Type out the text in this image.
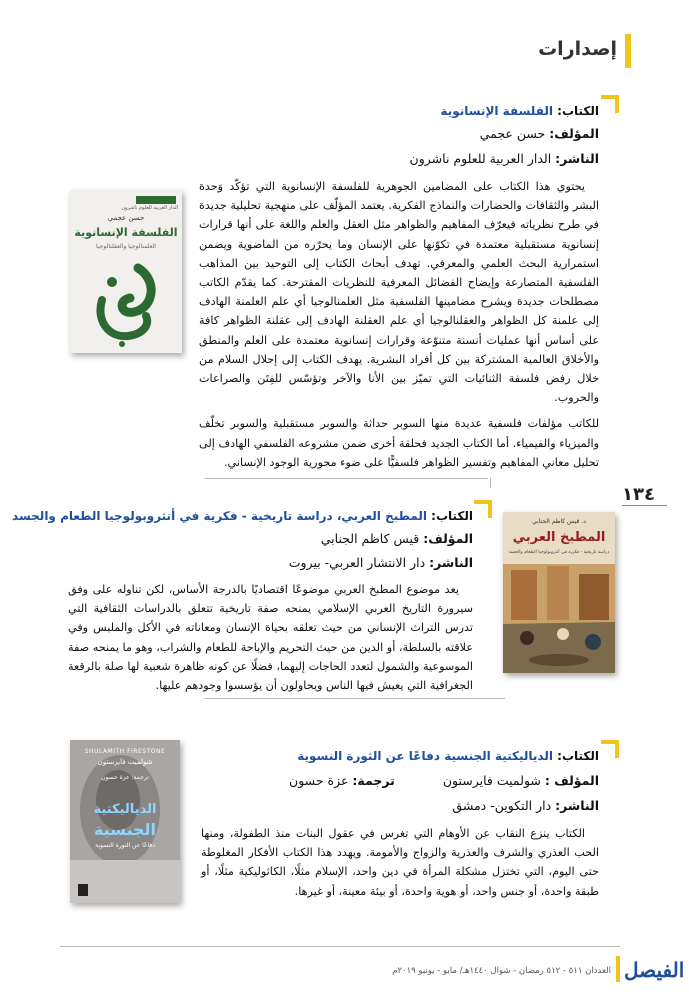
إصدارات
الكتاب: الفلسفة الإنسانوية
المؤلف: حسن عجمي
الناشر: الدار العربية للعلوم ناشرون

يحتوي هذا الكتاب على المضامين الجوهرية للفلسفة الإنسانوية التي تؤكّد وَحدة البشر والثقافات والحضارات والنماذج الفكرية. يعتمد المؤلّف على منهجية تحليلية جديدة في طرح نظرياته فيعرّف المفاهيم والظواهر مثل العقل والعلم واللغة على أنها قرارات إنسانوية مستقبلية معتمدة في تكوّنها على الإنسان وما يحرّره من الماضوية ويضمن استمرارية البحث العلمي والمعرفي. تهدف أبحاث الكتاب إلى التوحيد بين المذاهب الفلسفية المتصارعة وإيضاح الفضائل المعرفية للنظريات المقترحة. كما يقدّم الكاتب مصطلحات جديدة ويشرح مضامينها الفلسفية مثل العلمنالوجيا أي علم العلمنة الهادف إلى علمنة كل الظواهر والعقلنالوجيا أي علم العقلنة الهادف إلى عقلنة الظواهر كافة على أساس أنها عمليات أنسنة متنوّعة وقرارات إنسانوية معتمدة على العلم والمنطق والأخلاق العالمية المشتركة بين كل أفراد البشرية. يهدف الكتاب إلى إحلال السلام من خلال رفض فلسفة الثنائيات التي تميّز بين الأنا والآخر وتؤسّس للفِتَن والصراعات والحروب.

للكاتب مؤلفات فلسفية عديدة منها السوبر حداثة والسوبر مستقبلية والسوبر تخلّف والميزياء والفيمياء. أما الكتاب الجديد فحلقة أخرى ضمن مشروعه الفلسفي الهادف إلى تحليل معاني المفاهيم وتفسير الظواهر فلسفيًّا على ضوء محورية الوجود الإنساني.

الدار العربية للعلوم ناشرون
حسن عجمي
الفلسفة الإنسانوية
العلمنالوجيا والعقلنالوجيا
١٣٤
الكتاب: المطبخ العربي، دراسة تاريخية - فكرية في أنثروبولوجيا الطعام والجسد
المؤلف: قيس كاظم الجنابي
الناشر: دار الانتشار العربي- بيروت

يعد موضوع المطبخ العربي موضوعًا اقتصاديًا بالدرجة الأساس، لكن تناوله على وفق سيرورة التاريخ العربي الإسلامي يمنحه صفة تاريخية تتعلق بالدراسات الثقافية التي تدرس التراث الإنساني من حيث تعلقه بحياة الإنسان ومعاناته في الأكل والملبس وفي علاقته بالسلطة، أو الدين من حيث التحريم والإباحة للطعام والشراب، وهو ما يمنحه صفة الموسوعية والشمول لتعدد الحاجات إليهما، فضلًا عن كونه ظاهرة شعبية لها صلة بالرقعة الجغرافية التي يعيش فيها الناس ويحاولون أن يؤسسوا وجودهم عليها.

د. قيس كاظم الجنابي
المطبخ العربي
دراسة تاريخية - فكرية في أنثروبولوجيا الطعام والجسد
الكتاب: الدياليكتية الجنسية دفاعًا عن الثورة النسوية
المؤلف : شولميت فايرستون  ترجمة: عزة حسون
الناشر: دار التكوين- دمشق

الكتاب ينزع النقاب عن الأوهام التي تغرس في عقول البنات منذ الطفولة، ومنها الحب العذري والشرف والعذرية والزواج والأمومة. ويهدد هذا الكتاب الأفكار المغلوطة حتى اليوم، التي تختزل مشكلة المرأة في دين واحد، الإسلام مثلًا، الكاثوليكية مثلًا، أو طبقة واحدة، أو جنس واحد، أو هوية واحدة، أو بيئة معينة، أو غيرها.

SHULAMITH FIRESTONE
شولميت فايرستون
ترجمة: عزة حسون
الدياليكتية
الجنسية
دفاعًا عن الثورة النسوية
الفيصل
العددان ٥١١ - ٥١٢ رمضان - شوال ١٤٤٠هـ/ مايو - يونيو ٢٠١٩م
